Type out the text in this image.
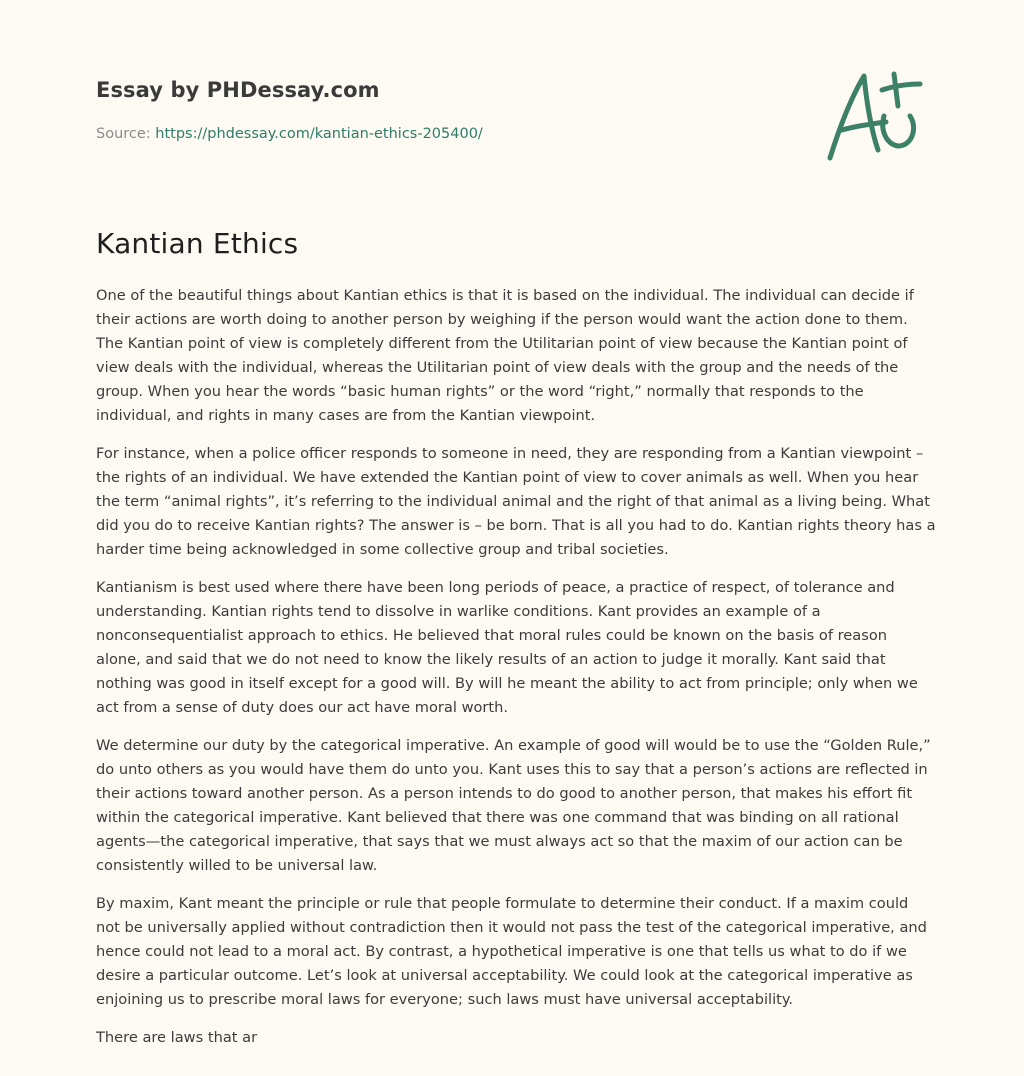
Essay by PHDessay.com
Source: https://phdessay.com/kantian-ethics-205400/
Kantian Ethics

One of the beautiful things about Kantian ethics is that it is based on the individual. The individual can decide if their actions are worth doing to another person by weighing if the person would want the action done to them. The Kantian point of view is completely different from the Utilitarian point of view because the Kantian point of view deals with the individual, whereas the Utilitarian point of view deals with the group and the needs of the group. When you hear the words “basic human rights” or the word “right,” normally that responds to the individual, and rights in many cases are from the Kantian viewpoint.

For instance, when a police officer responds to someone in need, they are responding from a Kantian viewpoint – the rights of an individual. We have extended the Kantian point of view to cover animals as well. When you hear the term “animal rights”, it’s referring to the individual animal and the right of that animal as a living being. What did you do to receive Kantian rights? The answer is – be born. That is all you had to do. Kantian rights theory has a harder time being acknowledged in some collective group and tribal societies.

Kantianism is best used where there have been long periods of peace, a practice of respect, of tolerance and understanding. Kantian rights tend to dissolve in warlike conditions. Kant provides an example of a nonconsequentialist approach to ethics. He believed that moral rules could be known on the basis of reason alone, and said that we do not need to know the likely results of an action to judge it morally. Kant said that nothing was good in itself except for a good will. By will he meant the ability to act from principle; only when we act from a sense of duty does our act have moral worth.

We determine our duty by the categorical imperative. An example of good will would be to use the “Golden Rule,” do unto others as you would have them do unto you. Kant uses this to say that a person’s actions are reflected in their actions toward another person. As a person intends to do good to another person, that makes his effort fit within the categorical imperative. Kant believed that there was one command that was binding on all rational agents—the categorical imperative, that says that we must always act so that the maxim of our action can be consistently willed to be universal law.

By maxim, Kant meant the principle or rule that people formulate to determine their conduct. If a maxim could not be universally applied without contradiction then it would not pass the test of the categorical imperative, and hence could not lead to a moral act. By contrast, a hypothetical imperative is one that tells us what to do if we desire a particular outcome. Let’s look at universal acceptability. We could look at the categorical imperative as enjoining us to prescribe moral laws for everyone; such laws must have universal acceptability.

There are laws that ar
